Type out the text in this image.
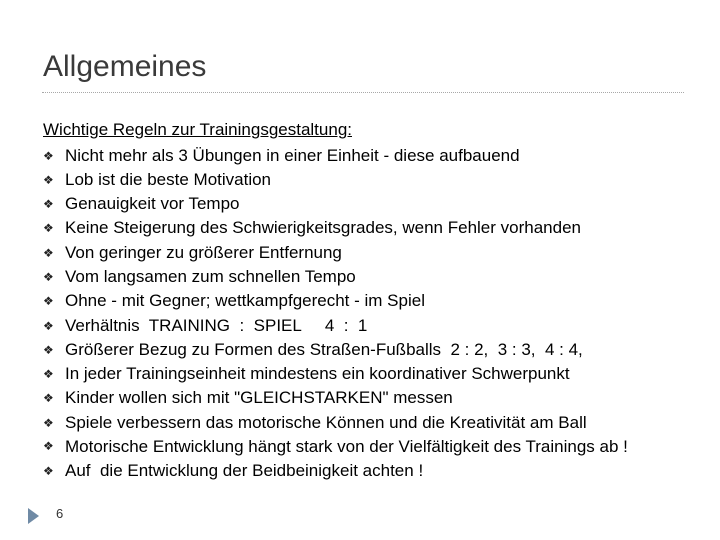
Allgemeines

Wichtige Regeln zur Trainingsgestaltung:

❖ Nicht mehr als 3 Übungen in einer Einheit - diese aufbauend
❖ Lob ist die beste Motivation
❖ Genauigkeit vor Tempo
❖ Keine Steigerung des Schwierigkeitsgrades, wenn Fehler vorhanden
❖ Von geringer zu größerer Entfernung
❖ Vom langsamen zum schnellen Tempo
❖ Ohne - mit Gegner; wettkampfgerecht - im Spiel
❖ Verhältnis  TRAINING  :  SPIEL     4  :  1
❖ Größerer Bezug zu Formen des Straßen-Fußballs  2 : 2,  3 : 3,  4 : 4,
❖ In jeder Trainingseinheit mindestens ein koordinativer Schwerpunkt
❖ Kinder wollen sich mit "GLEICHSTARKEN" messen
❖ Spiele verbessern das motorische Können und die Kreativität am Ball
❖ Motorische Entwicklung hängt stark von der Vielfältigkeit des Trainings ab !
❖ Auf  die Entwicklung der Beidbeinigkeit achten !
6
